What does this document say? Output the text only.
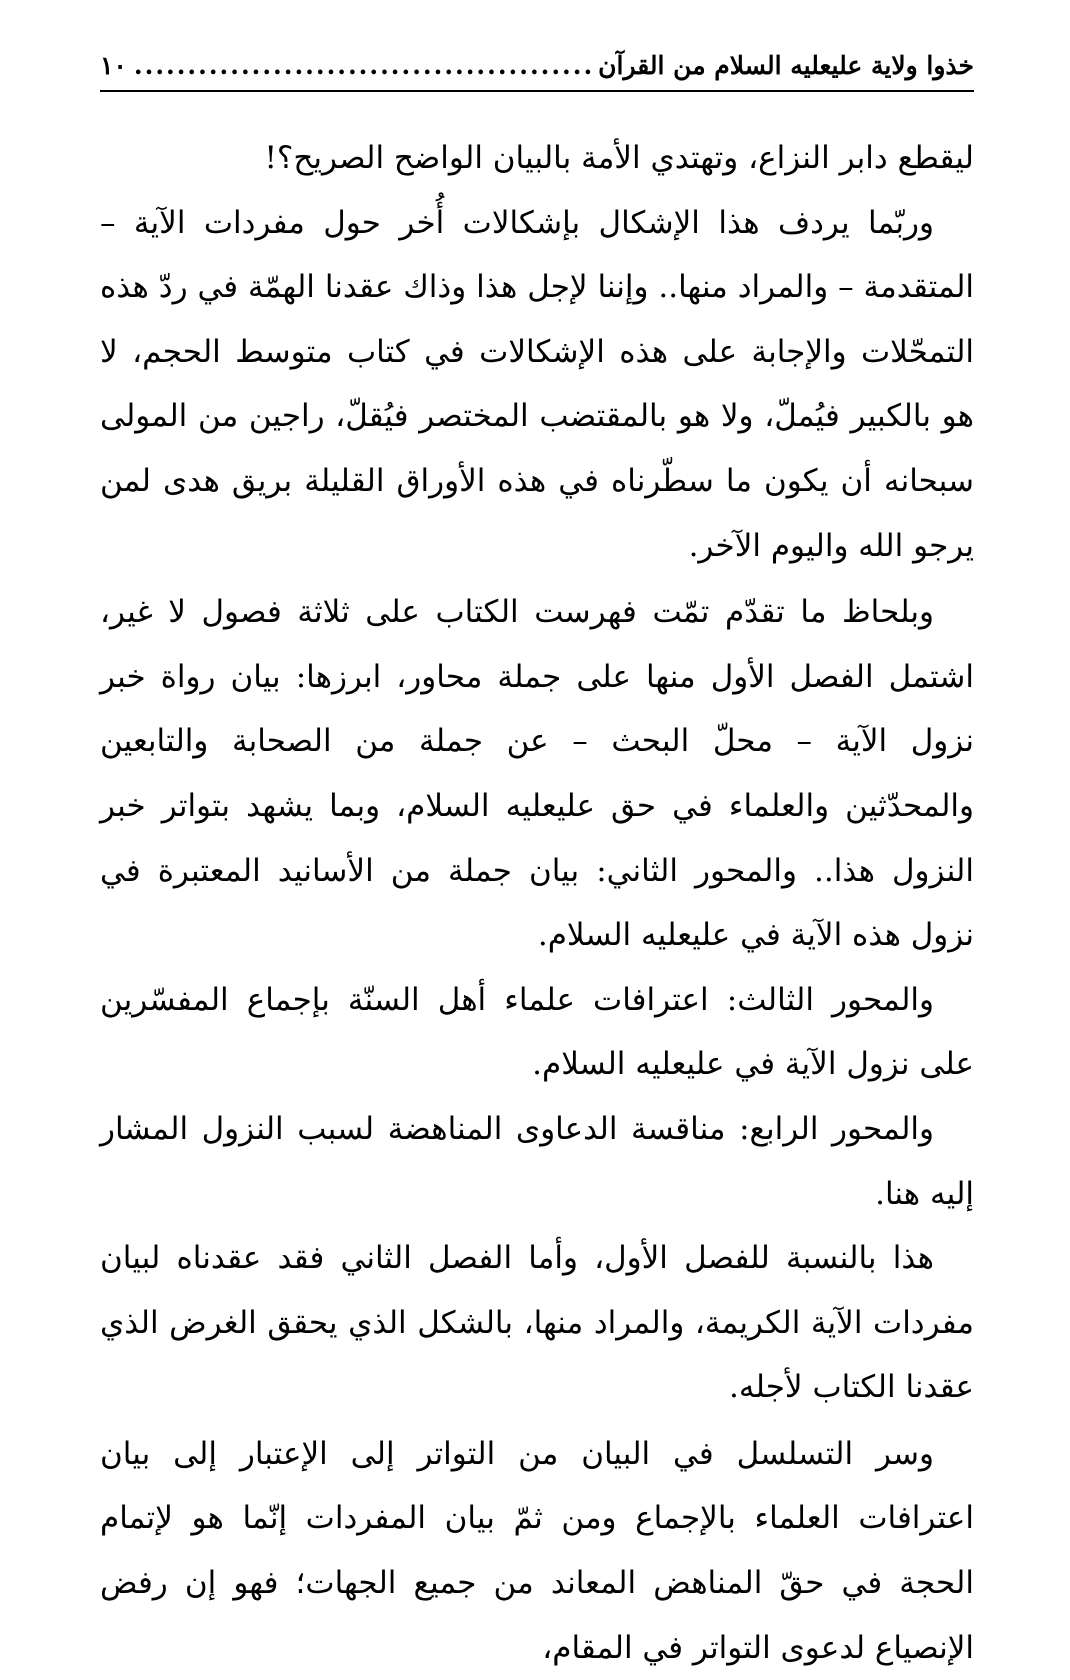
خذوا ولاية عليعليه السلام من القرآن
.....
١٠

ليقطع دابر النزاع، وتهتدي الأمة بالبيان الواضح الصريح؟!

وربّما يردف هذا الإشكال بإشكالات أُخر حول مفردات الآية – المتقدمة – والمراد منها.. وإننا لإجل هذا وذاك عقدنا الهمّة في ردّ هذه التمحّلات والإجابة على هذه الإشكالات في كتاب متوسط الحجم، لا هو بالكبير فيُملّ، ولا هو بالمقتضب المختصر فيُقلّ، راجين من المولى سبحانه أن يكون ما سطّرناه في هذه الأوراق القليلة بريق هدى لمن يرجو الله واليوم الآخر.

وبلحاظ ما تقدّم تمّت فهرست الكتاب على ثلاثة فصول لا غير، اشتمل الفصل الأول منها على جملة محاور، ابرزها: بيان رواة خبر نزول الآية – محلّ البحث – عن جملة من الصحابة والتابعين والمحدّثين والعلماء في حق عليعليه السلام، وبما يشهد بتواتر خبر النزول هذا.. والمحور الثاني: بيان جملة من الأسانيد المعتبرة في نزول هذه الآية في عليعليه السلام.

والمحور الثالث: اعترافات علماء أهل السنّة بإجماع المفسّرين على نزول الآية في عليعليه السلام.

والمحور الرابع: مناقسة الدعاوى المناهضة لسبب النزول المشار إليه هنا.

هذا بالنسبة للفصل الأول، وأما الفصل الثاني فقد عقدناه لبيان مفردات الآية الكريمة، والمراد منها، بالشكل الذي يحقق الغرض الذي عقدنا الكتاب لأجله.

وسر التسلسل في البيان من التواتر إلى الإعتبار إلى بيان اعترافات العلماء بالإجماع ومن ثمّ بيان المفردات إنّما هو لإتمام الحجة في حقّ المناهض المعاند من جميع الجهات؛ فهو إن رفض الإنصياع لدعوى التواتر في المقام،
